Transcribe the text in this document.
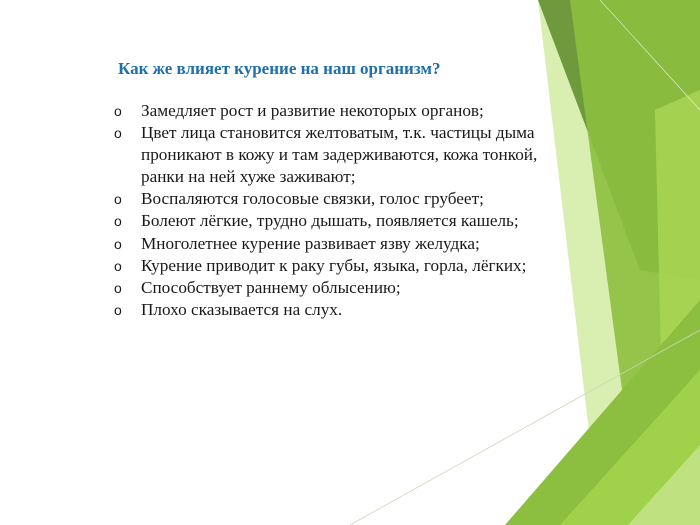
Как же влияет курение на наш организм?
o Замедляет рост и развитие некоторых органов;
o Цвет лица становится желтоватым, т.к. частицы дыма проникают в кожу и там задерживаются, кожа тонкой, ранки на ней хуже заживают;
o Воспаляются голосовые связки, голос грубеет;
o Болеют лёгкие, трудно дышать, появляется кашель;
o Многолетнее курение развивает язву желудка;
o Курение приводит к раку губы, языка, горла, лёгких;
o Способствует раннему облысению;
o Плохо сказывается на слух.
